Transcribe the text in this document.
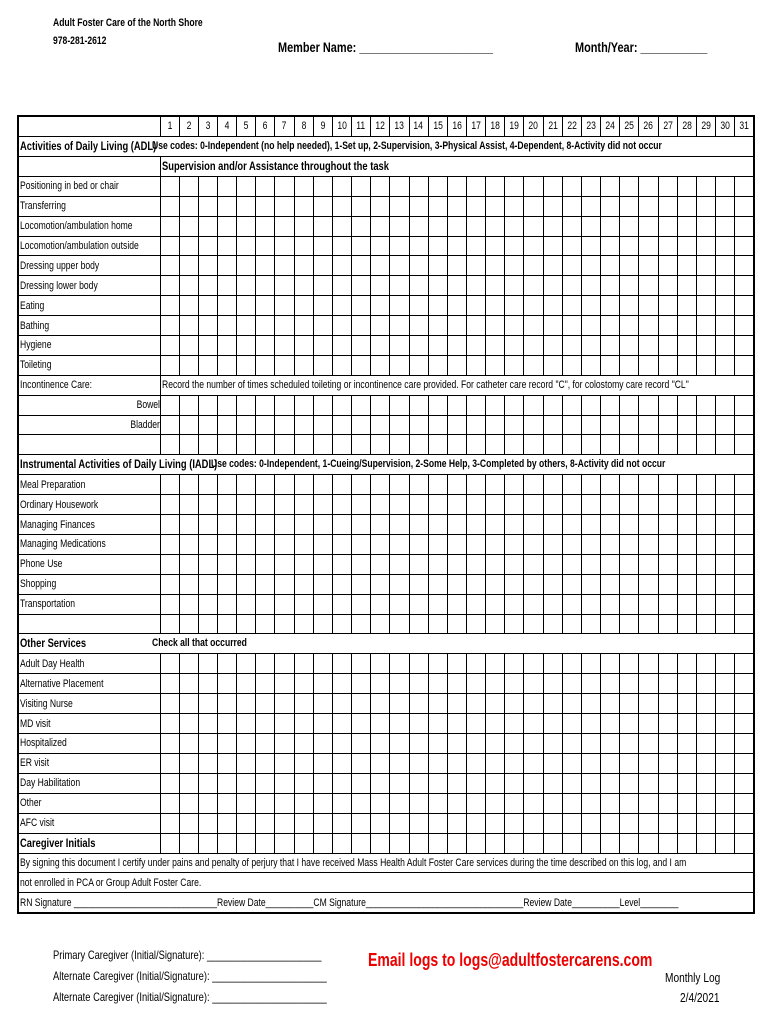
Adult Foster Care of the North Shore
978-281-2612	Member Name: ______________________	Month/Year: ___________
	1	2	3	4	5	6	7	8	9	10	11	12	13	14	15	16	17	18	19	20	21	22	23	24	25	26	27	28	29	30	31
Activities of Daily Living (ADL)
Use codes: 0-Independent (no help needed), 1-Set up, 2-Supervision, 3-Physical Assist, 4-Dependent, 8-Activity did not occur																															

	Supervision and/or Assistance throughout the task																														
Positioning in bed or chair																															
Transferring																															
Locomotion/ambulation home																															
Locomotion/ambulation outside																															
Dressing upper body																															
Dressing lower body																															
Eating																															
Bathing																															
Hygiene																															
Toileting																															
Incontinence Care:	Record the number of times scheduled toileting or incontinence care provided. For catheter care record "C", for colostomy care record "CL"																														
Bowel																															
Bladder																															

Instrumental Activities of Daily Living (IADL)
Use codes: 0-Independent, 1-Cueing/Supervision, 2-Some Help, 3-Completed by others, 8-Activity did not occur																															

Meal Preparation																															
Ordinary Housework																															
Managing Finances																															
Managing Medications																															
Phone Use																															
Shopping																															
Transportation																															

Other Services Check all that occurred																															

Adult Day Health																															
Alternative Placement																															
Visiting Nurse																															
MD visit																															
Hospitalized																															
ER visit																															
Day Habilitation																															
Other																															
AFC visit																															
Caregiver Initials																															
By signing this document I certify under pains and penalty of perjury that I have received Mass Health Adult Foster Care services during the time described on this log, and I am																															
not enrolled in PCA or Group Adult Foster Care.																															
RN Signature ______________________________Review Date__________CM Signature_________________________________Review Date__________Level________																															
Primary Caregiver (Initial/Signature): ______________________
Alternate Caregiver (Initial/Signature): ______________________
Alternate Caregiver (Initial/Signature): ______________________
Email logs to logs@adultfostercarens.com
Monthly Log
2/4/2021
